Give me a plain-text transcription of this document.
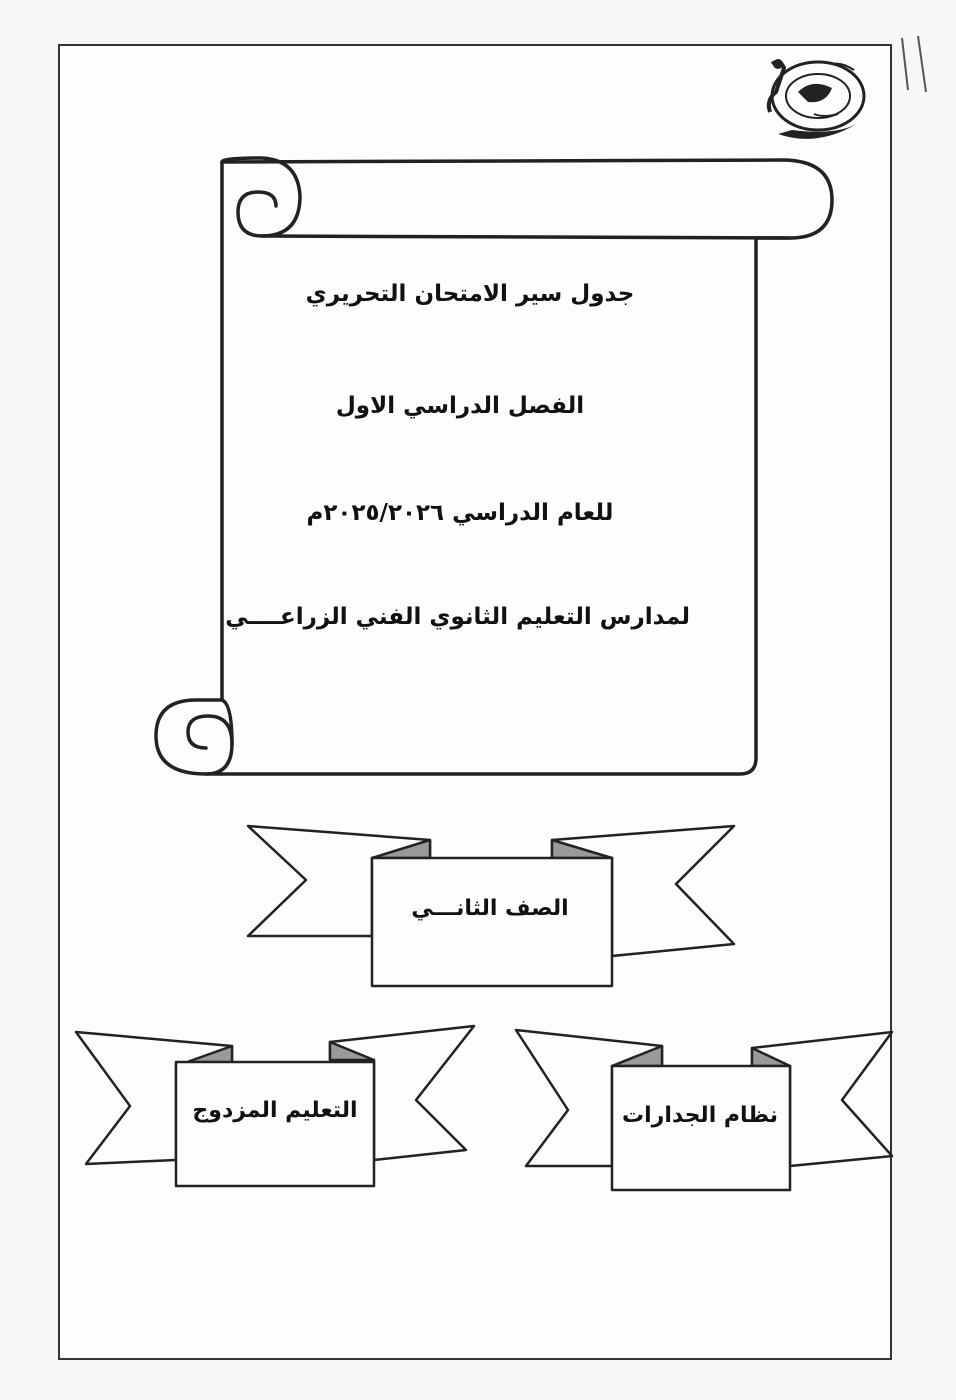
جدول سير الامتحان التحريري
الفصل الدراسي الاول
للعام الدراسي ٢٠٢٥/٢٠٢٦م
لمدارس التعليم الثانوي الفني الزراعــــي
الصف الثانـــي
التعليم المزدوج	نظام الجدارات
